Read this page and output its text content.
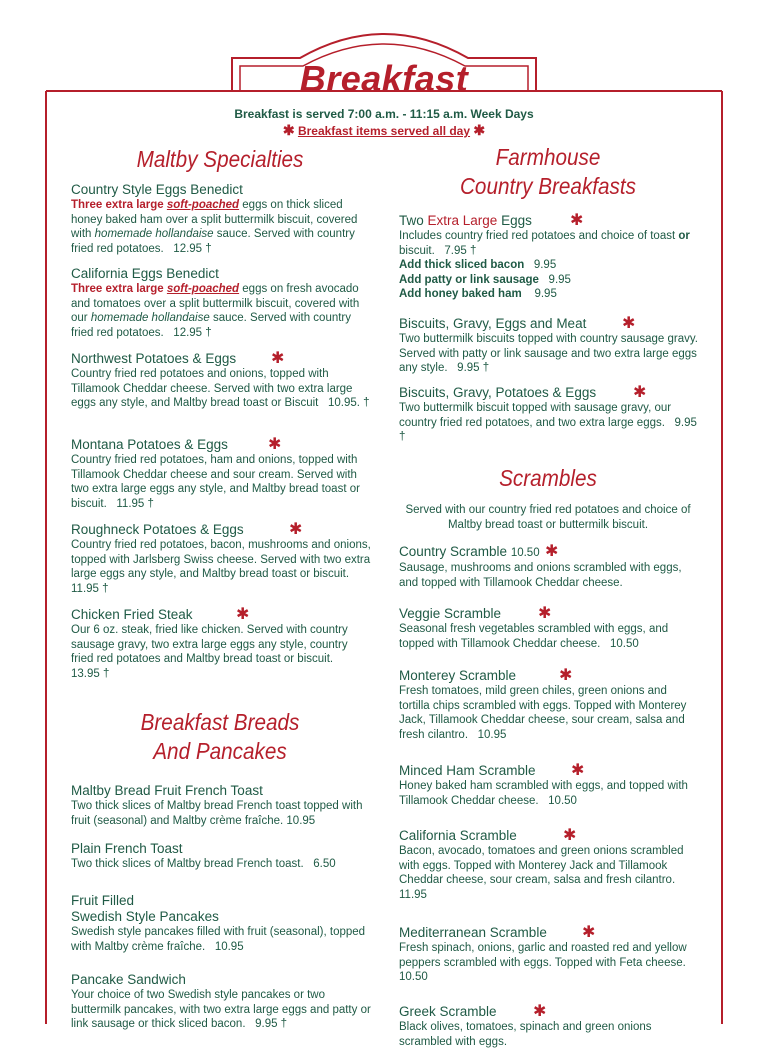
Breakfast
Breakfast is served 7:00 a.m. - 11:15 a.m. Week Days
✱ Breakfast items served all day ✱
Maltby Specialties
Country Style Eggs Benedict
Three extra large soft-poached eggs on thick sliced honey baked ham over a split buttermilk biscuit, covered with homemade hollandaise sauce. Served with country fried red potatoes. 12.95 †
California Eggs Benedict
Three extra large soft-poached eggs on fresh avocado and tomatoes over a split buttermilk biscuit, covered with our homemade hollandaise sauce. Served with country fried red potatoes. 12.95 †
Northwest Potatoes & Eggs
Country fried red potatoes and onions, topped with Tillamook Cheddar cheese. Served with two extra large eggs any style, and Maltby bread toast or Biscuit 10.95. †
✱
Montana Potatoes & Eggs
Country fried red potatoes, ham and onions, topped with Tillamook Cheddar cheese and sour cream. Served with two extra large eggs any style, and Maltby bread toast or biscuit. 11.95 †
✱
Roughneck Potatoes & Eggs
Country fried red potatoes, bacon, mushrooms and onions, topped with Jarlsberg Swiss cheese. Served with two extra large eggs any style, and Maltby bread toast or biscuit.   11.95 †
✱
Chicken Fried Steak
Our 6 oz. steak, fried like chicken. Served with country sausage gravy, two extra large eggs any style, country fried red potatoes and Maltby bread toast or biscuit.   13.95 †
✱
Breakfast Breads
And Pancakes
Maltby Bread Fruit French Toast
Two thick slices of Maltby bread French toast topped with fruit (seasonal) and Maltby crème fraîche. 10.95
Plain French Toast
Two thick slices of Maltby bread French toast. 6.50
Fruit Filled
Swedish Style Pancakes
Swedish style pancakes filled with fruit (seasonal), topped with Maltby crème fraîche. 10.95
Pancake Sandwich
Your choice of two Swedish style pancakes or two buttermilk pancakes, with two extra large eggs and patty or link sausage or thick sliced bacon. 9.95 †
Farmhouse
Country Breakfasts
Two Extra Large Eggs
Includes country fried red potatoes and choice of toast or biscuit. 7.95 †
Add thick sliced bacon 9.95
Add patty or link sausage 9.95
Add honey baked ham 9.95
✱
Biscuits, Gravy, Eggs and Meat
Two buttermilk biscuits topped with country sausage gravy. Served with patty or link sausage and two extra large eggs any style. 9.95 †
✱
Biscuits, Gravy, Potatoes & Eggs
Two buttermilk biscuit topped with sausage gravy, our country fried red potatoes, and two extra large eggs. 9.95 †
✱
Scrambles
Served with our country fried red potatoes and choice of Maltby bread toast or buttermilk biscuit.
Country Scramble 10.50
Sausage, mushrooms and onions scrambled with eggs, and topped with Tillamook Cheddar cheese.
✱
Veggie Scramble
Seasonal fresh vegetables scrambled with eggs, and topped with Tillamook Cheddar cheese. 10.50
✱
Monterey Scramble
Fresh tomatoes, mild green chiles, green onions and tortilla chips scrambled with eggs. Topped with Monterey Jack, Tillamook Cheddar cheese, sour cream, salsa and fresh cilantro. 10.95
✱
Minced Ham Scramble
Honey baked ham scrambled with eggs, and topped with Tillamook Cheddar cheese. 10.50
✱
California Scramble
Bacon, avocado, tomatoes and green onions scrambled with eggs. Topped with Monterey Jack and Tillamook Cheddar cheese, sour cream, salsa and fresh cilantro.   11.95
✱
Mediterranean Scramble
Fresh spinach, onions, garlic and roasted red and yellow peppers scrambled with eggs. Topped with Feta cheese.   10.50
✱
Greek Scramble
Black olives, tomatoes, spinach and green onions scrambled with eggs.
✱
